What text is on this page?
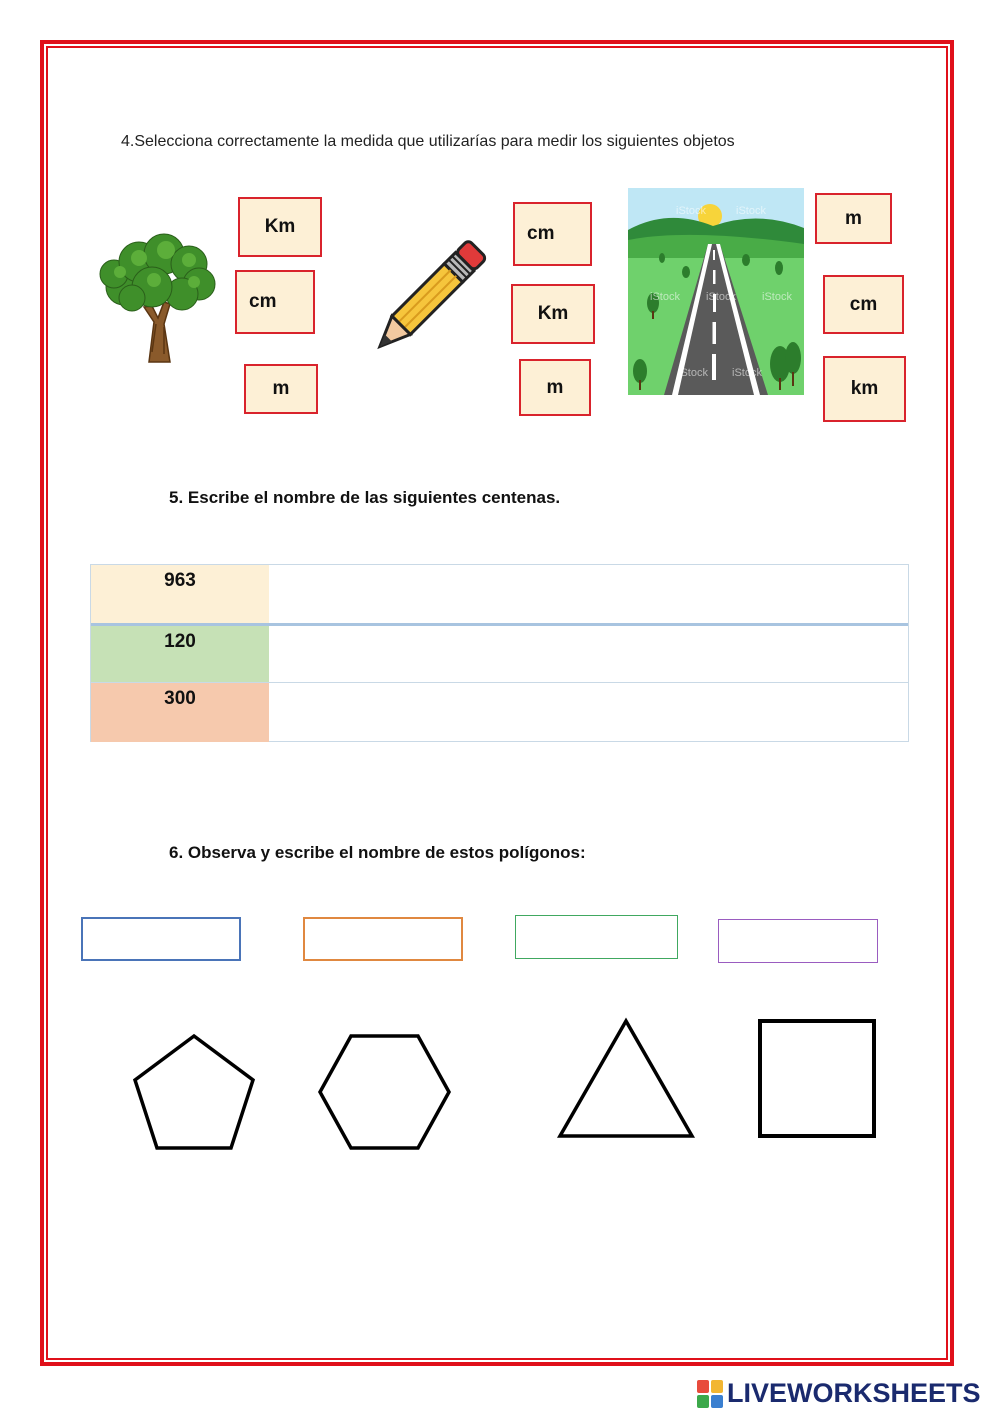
4.Selecciona correctamente la medida que utilizarías para medir los siguientes objetos
Km
cm
m
cm
Km
m
iStock	iStock
iStock iStock iStock
iStock iStock
m
cm
km
5. Escribe el nombre de las siguientes centenas.
963
120
300
6. Observa y escribe el nombre de estos polígonos:
LIVEWORKSHEETS
